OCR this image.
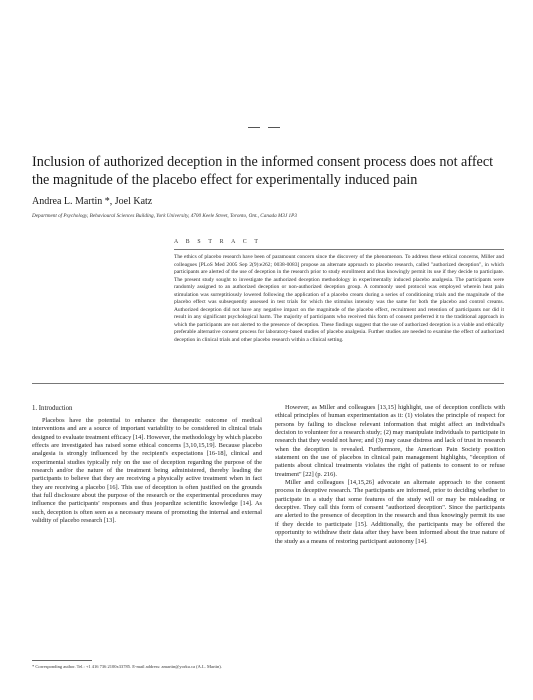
Inclusion of authorized deception in the informed consent process does not affect the magnitude of the placebo effect for experimentally induced pain
Andrea L. Martin *, Joel Katz
Department of Psychology, Behavioural Sciences Building, York University, 4700 Keele Street, Toronto, Ont., Canada M3J 1P3
A B S T R A C T
The ethics of placebo research have been of paramount concern since the discovery of the phenomenon. To address these ethical concerns, Miller and colleagues [PLoS Med 2005 Sep 2(9):e262; 0038-0083] propose an alternate approach to placebo research, called "authorized deception", in which participants are alerted of the use of deception in the research prior to study enrollment and thus knowingly permit its use if they decide to participate. The present study sought to investigate the authorized deception methodology in experimentally induced placebo analgesia. The participants were randomly assigned to an authorized deception or non-authorized deception group. A commonly used protocol was employed wherein heat pain stimulation was surreptitiously lowered following the application of a placebo cream during a series of conditioning trials and the magnitude of the placebo effect was subsequently assessed in test trials for which the stimulus intensity was the same for both the placebo and control creams. Authorized deception did not have any negative impact on the magnitude of the placebo effect, recruitment and retention of participants nor did it result in any significant psychological harm. The majority of participants who received this form of consent preferred it to the traditional approach in which the participants are not alerted to the presence of deception. These findings suggest that the use of authorized deception is a viable and ethically preferable alternative consent process for laboratory-based studies of placebo analgesia. Further studies are needed to examine the effect of authorized deception in clinical trials and other placebo research within a clinical setting.
1. Introduction

Placebos have the potential to enhance the therapeutic outcome of medical interventions and are a source of important variability to be considered in clinical trials designed to evaluate treatment efficacy [14]. However, the methodology by which placebo effects are investigated has raised some ethical concerns [3,10,15,19]. Because placebo analgesia is strongly influenced by the recipient's expectations [16-18], clinical and experimental studies typically rely on the use of deception regarding the purpose of the research and/or the nature of the treatment being administered, thereby leading the participants to believe that they are receiving a physically active treatment when in fact they are receiving a placebo [16]. This use of deception is often justified on the grounds that full disclosure about the purpose of the research or the experimental procedures may influence the participants' responses and thus jeopardize scientific knowledge [14]. As such, deception is often seen as a necessary means of promoting the internal and external validity of placebo research [13].

However, as Miller and colleagues [13,15] highlight, use of deception conflicts with ethical principles of human experimentation as it: (1) violates the principle of respect for persons by failing to disclose relevant information that might affect an individual's decision to volunteer for a research study; (2) may manipulate individuals to participate in research that they would not have; and (3) may cause distress and lack of trust in research when the deception is revealed. Furthermore, the American Pain Society position statement on the use of placebos in clinical pain management highlights, "deception of patients about clinical treatments violates the right of patients to consent to or refuse treatment" [22] (p. 216).

Miller and colleagues [14,15,26] advocate an alternate approach to the consent process in deceptive research. The participants are informed, prior to deciding whether to participate in a study that some features of the study will or may be misleading or deceptive. They call this form of consent "authorized deception". Since the participants are alerted to the presence of deception in the research and thus knowingly permit its use if they decide to participate [15]. Additionally, the participants may be offered the opportunity to withdraw their data after they have been informed about the true nature of the study as a means of restoring participant autonomy [14].

* Corresponding author. Tel.: +1 416 736 2100x33785. E-mail address: amartin@yorku.ca (A.L. Martin).
